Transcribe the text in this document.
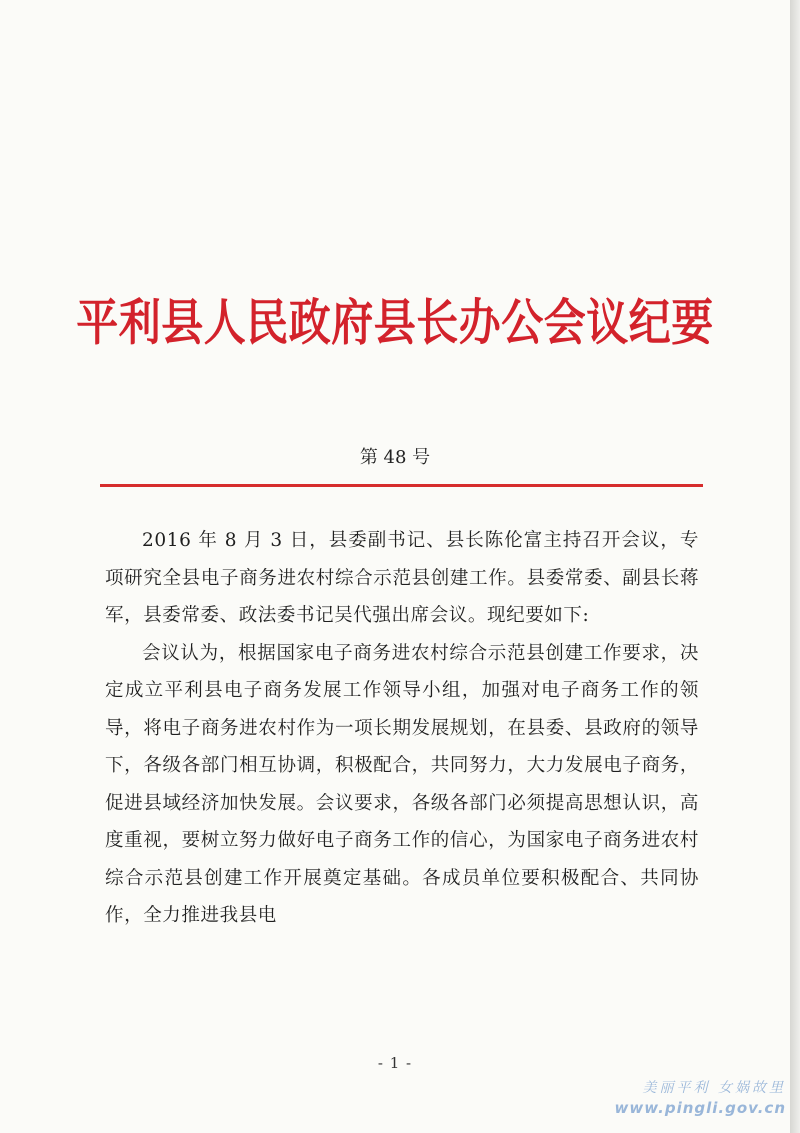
平利县人民政府县长办公会议纪要
第 48 号

2016 年 8 月 3 日，县委副书记、县长陈伦富主持召开会议，专项研究全县电子商务进农村综合示范县创建工作。县委常委、副县长蒋军，县委常委、政法委书记吴代强出席会议。现纪要如下:

会议认为，根据国家电子商务进农村综合示范县创建工作要求，决定成立平利县电子商务发展工作领导小组，加强对电子商务工作的领导，将电子商务进农村作为一项长期发展规划，在县委、县政府的领导下，各级各部门相互协调，积极配合，共同努力，大力发展电子商务，促进县域经济加快发展。会议要求，各级各部门必须提高思想认识，高度重视，要树立努力做好电子商务工作的信心，为国家电子商务进农村综合示范县创建工作开展奠定基础。各成员单位要积极配合、共同协作，全力推进我县电

- 1 -
美丽平利 女娲故里
www.pingli.gov.cn
